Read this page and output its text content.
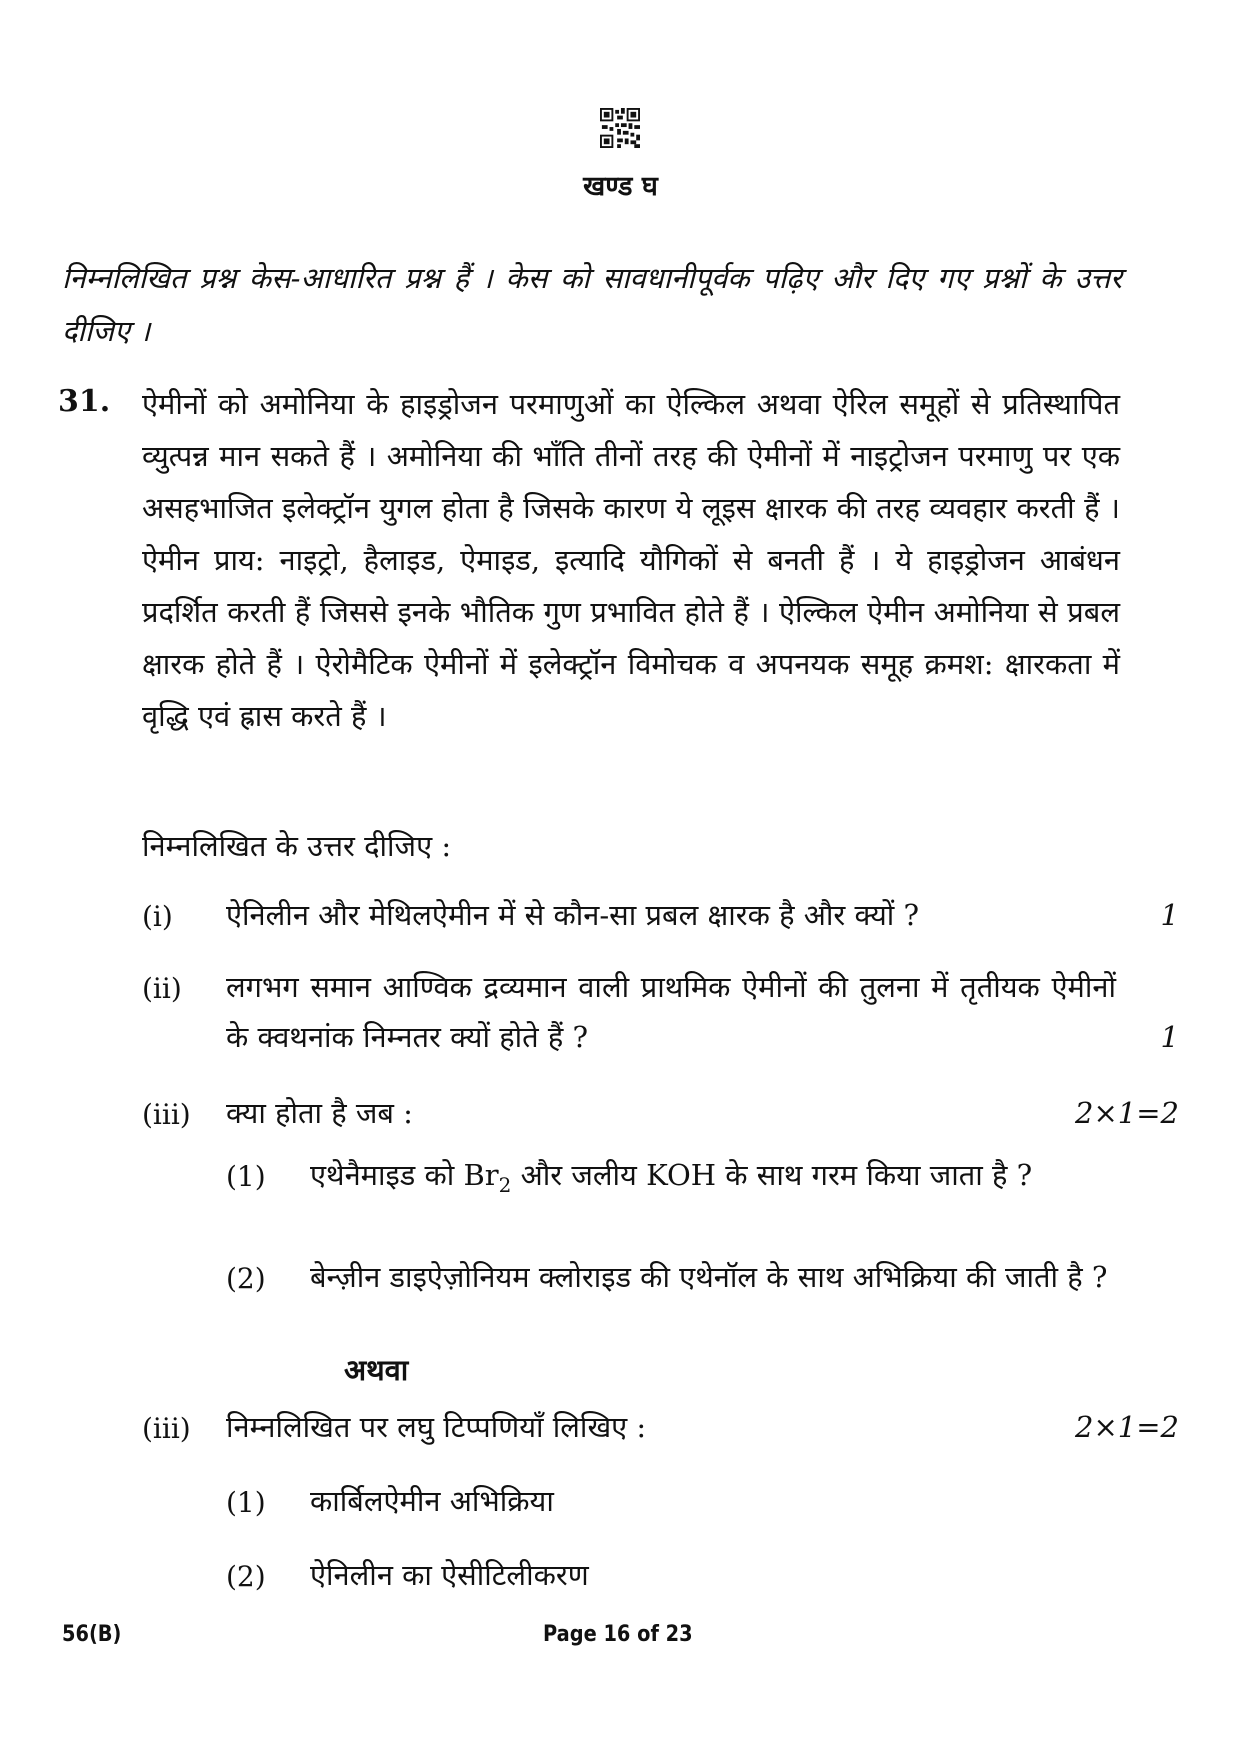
खण्ड घ
निम्नलिखित प्रश्न केस-आधारित प्रश्न हैं । केस को सावधानीपूर्वक पढ़िए और दिए गए प्रश्नों के उत्तर दीजिए ।
31. ऐमीनों को अमोनिया के हाइड्रोजन परमाणुओं का ऐल्किल अथवा ऐरिल समूहों से प्रतिस्थापित व्युत्पन्न मान सकते हैं । अमोनिया की भाँति तीनों तरह की ऐमीनों में नाइट्रोजन परमाणु पर एक असहभाजित इलेक्ट्रॉन युगल होता है जिसके कारण ये लूइस क्षारक की तरह व्यवहार करती हैं । ऐमीन प्राय: नाइट्रो, हैलाइड, ऐमाइड, इत्यादि यौगिकों से बनती हैं । ये हाइड्रोजन आबंधन प्रदर्शित करती हैं जिससे इनके भौतिक गुण प्रभावित होते हैं । ऐल्किल ऐमीन अमोनिया से प्रबल क्षारक होते हैं । ऐरोमैटिक ऐमीनों में इलेक्ट्रॉन विमोचक व अपनयक समूह क्रमश: क्षारकता में वृद्धि एवं ह्रास करते हैं ।
निम्नलिखित के उत्तर दीजिए :
(i) ऐनिलीन और मेथिलऐमीन में से कौन-सा प्रबल क्षारक है और क्यों ?	1
(ii) लगभग समान आण्विक द्रव्यमान वाली प्राथमिक ऐमीनों की तुलना में तृतीयक ऐमीनों के क्वथनांक निम्नतर क्यों होते हैं ?	1
(iii) क्या होता है जब :	2×1=2
(1) एथेनैमाइड को $Br_2$ और जलीय KOH के साथ गरम किया जाता है ?
(2) बेन्ज़ीन डाइऐज़ोनियम क्लोराइड की एथेनॉल के साथ अभिक्रिया की जाती है ?
अथवा
(iii) निम्नलिखित पर लघु टिप्पणियाँ लिखिए :	2×1=2
(1) कार्बिलऐमीन अभिक्रिया
(2) ऐनिलीन का ऐसीटिलीकरण
56(B)	Page 16 of 23
